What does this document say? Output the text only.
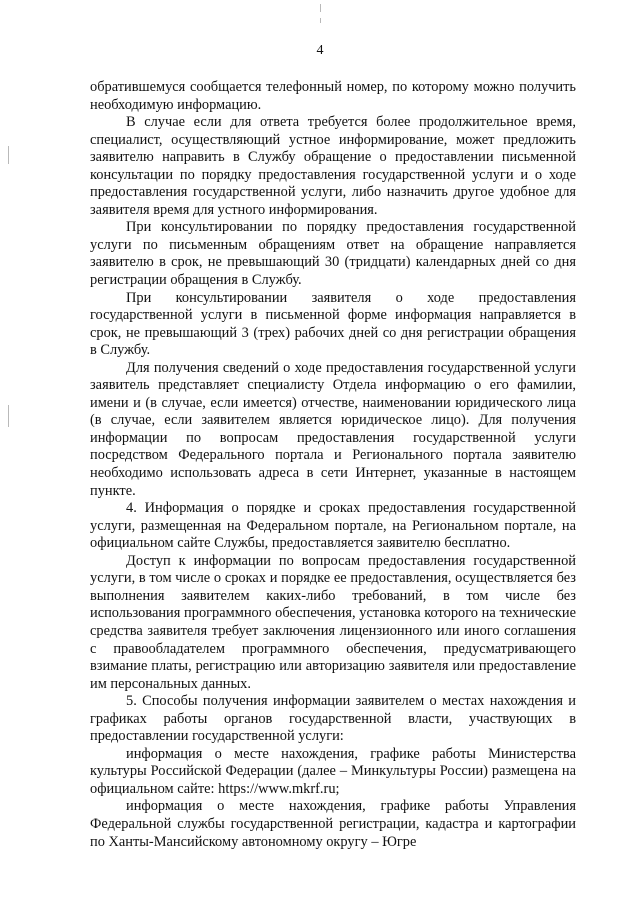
4

обратившемуся сообщается телефонный номер, по которому можно получить необходимую информацию.

В случае если для ответа требуется более продолжительное время, специалист, осуществляющий устное информирование, может предложить заявителю направить в Службу обращение о предоставлении письменной консультации по порядку предоставления государственной услуги и о ходе предоставления государственной услуги, либо назначить другое удобное для заявителя время для устного информирования.

При консультировании по порядку предоставления государственной услуги по письменным обращениям ответ на обращение направляется заявителю в срок, не превышающий 30 (тридцати) календарных дней со дня регистрации обращения в Службу.

При консультировании заявителя о ходе предоставления государственной услуги в письменной форме информация направляется в срок, не превышающий 3 (трех) рабочих дней со дня регистрации обращения в Службу.

Для получения сведений о ходе предоставления государственной услуги заявитель представляет специалисту Отдела информацию о его фамилии, имени и (в случае, если имеется) отчестве, наименовании юридического лица (в случае, если заявителем является юридическое лицо). Для получения информации по вопросам предоставления государственной услуги посредством Федерального портала и Регионального портала заявителю необходимо использовать адреса в сети Интернет, указанные в настоящем пункте.

4. Информация о порядке и сроках предоставления государственной услуги, размещенная на Федеральном портале, на Региональном портале, на официальном сайте Службы, предоставляется заявителю бесплатно.

Доступ к информации по вопросам предоставления государственной услуги, в том числе о сроках и порядке ее предоставления, осуществляется без выполнения заявителем каких-либо требований, в том числе без использования программного обеспечения, установка которого на технические средства заявителя требует заключения лицензионного или иного соглашения с правообладателем программного обеспечения, предусматривающего взимание платы, регистрацию или авторизацию заявителя или предоставление им персональных данных.

5. Способы получения информации заявителем о местах нахождения и графиках работы органов государственной власти, участвующих в предоставлении государственной услуги:

информация о месте нахождения, графике работы Министерства культуры Российской Федерации (далее – Минкультуры России) размещена на официальном сайте: https://www.mkrf.ru;

информация о месте нахождения, графике работы Управления Федеральной службы государственной регистрации, кадастра и картографии по Ханты-Мансийскому автономному округу – Югре
